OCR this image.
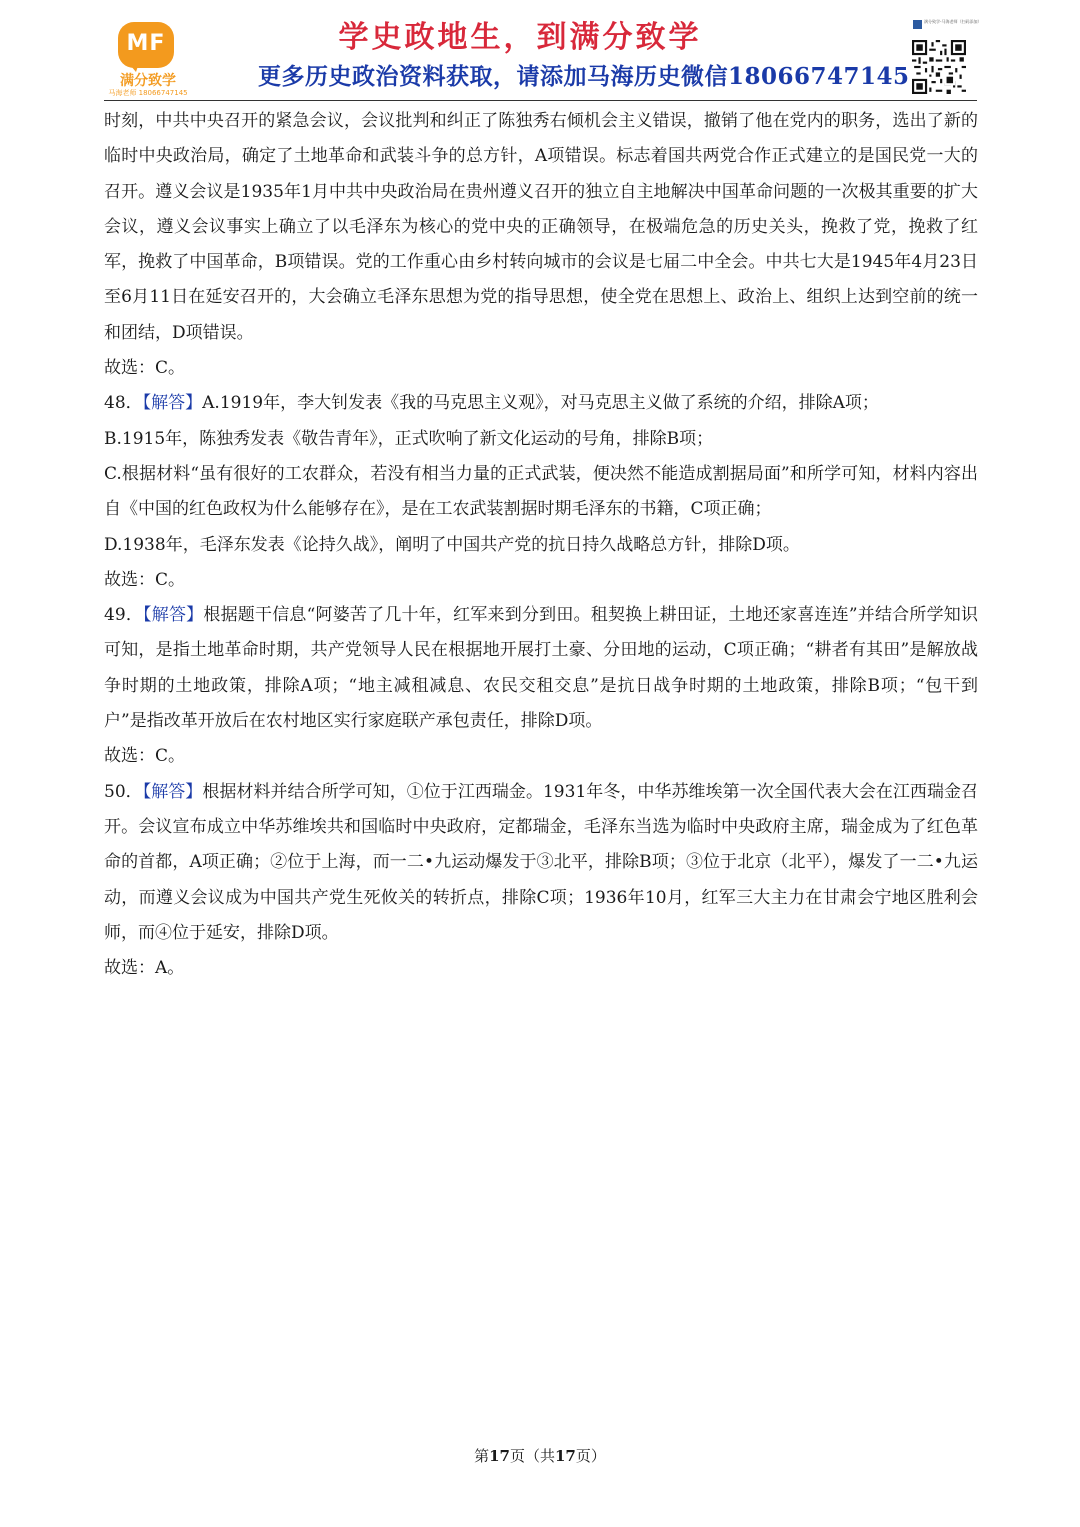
MF
满分致学
马海老师 18066747145
学史政地生，到满分致学
更多历史政治资料获取，请添加马海历史微信18066747145
满分致学-马海老师（扫码添加）

时刻，中共中央召开的紧急会议，会议批判和纠正了陈独秀右倾机会主义错误，撤销了他在党内的职务，选出了新的临时中央政治局，确定了土地革命和武装斗争的总方针，A项错误。标志着国共两党合作正式建立的是国民党一大的召开。遵义会议是1935年1月中共中央政治局在贵州遵义召开的独立自主地解决中国革命问题的一次极其重要的扩大会议，遵义会议事实上确立了以毛泽东为核心的党中央的正确领导，在极端危急的历史关头，挽救了党，挽救了红军，挽救了中国革命，B项错误。党的工作重心由乡村转向城市的会议是七届二中全会。中共七大是1945年4月23日至6月11日在延安召开的，大会确立毛泽东思想为党的指导思想，使全党在思想上、政治上、组织上达到空前的统一和团结，D项错误。

故选：C。

48．【解答】A.1919年，李大钊发表《我的马克思主义观》，对马克思主义做了系统的介绍，排除A项；

B.1915年，陈独秀发表《敬告青年》，正式吹响了新文化运动的号角，排除B项；

C.根据材料“虽有很好的工农群众，若没有相当力量的正式武装，便决然不能造成割据局面”和所学可知，材料内容出自《中国的红色政权为什么能够存在》，是在工农武装割据时期毛泽东的书籍，C项正确；

D.1938年，毛泽东发表《论持久战》，阐明了中国共产党的抗日持久战略总方针，排除D项。

故选：C。

49．【解答】根据题干信息“阿婆苦了几十年，红军来到分到田。租契换上耕田证，土地还家喜连连”并结合所学知识可知，是指土地革命时期，共产党领导人民在根据地开展打土豪、分田地的运动，C项正确；“耕者有其田”是解放战争时期的土地政策，排除A项；“地主减租减息、农民交租交息”是抗日战争时期的土地政策，排除B项；“包干到户”是指改革开放后在农村地区实行家庭联产承包责任，排除D项。

故选：C。

50．【解答】根据材料并结合所学可知，①位于江西瑞金。1931年冬，中华苏维埃第一次全国代表大会在江西瑞金召开。会议宣布成立中华苏维埃共和国临时中央政府，定都瑞金，毛泽东当选为临时中央政府主席，瑞金成为了红色革命的首都，A项正确；②位于上海，而一二•九运动爆发于③北平，排除B项；③位于北京（北平），爆发了一二•九运动，而遵义会议成为中国共产党生死攸关的转折点，排除C项；1936年10月，红军三大主力在甘肃会宁地区胜利会师，而④位于延安，排除D项。

故选：A。

第17页（共17页）
